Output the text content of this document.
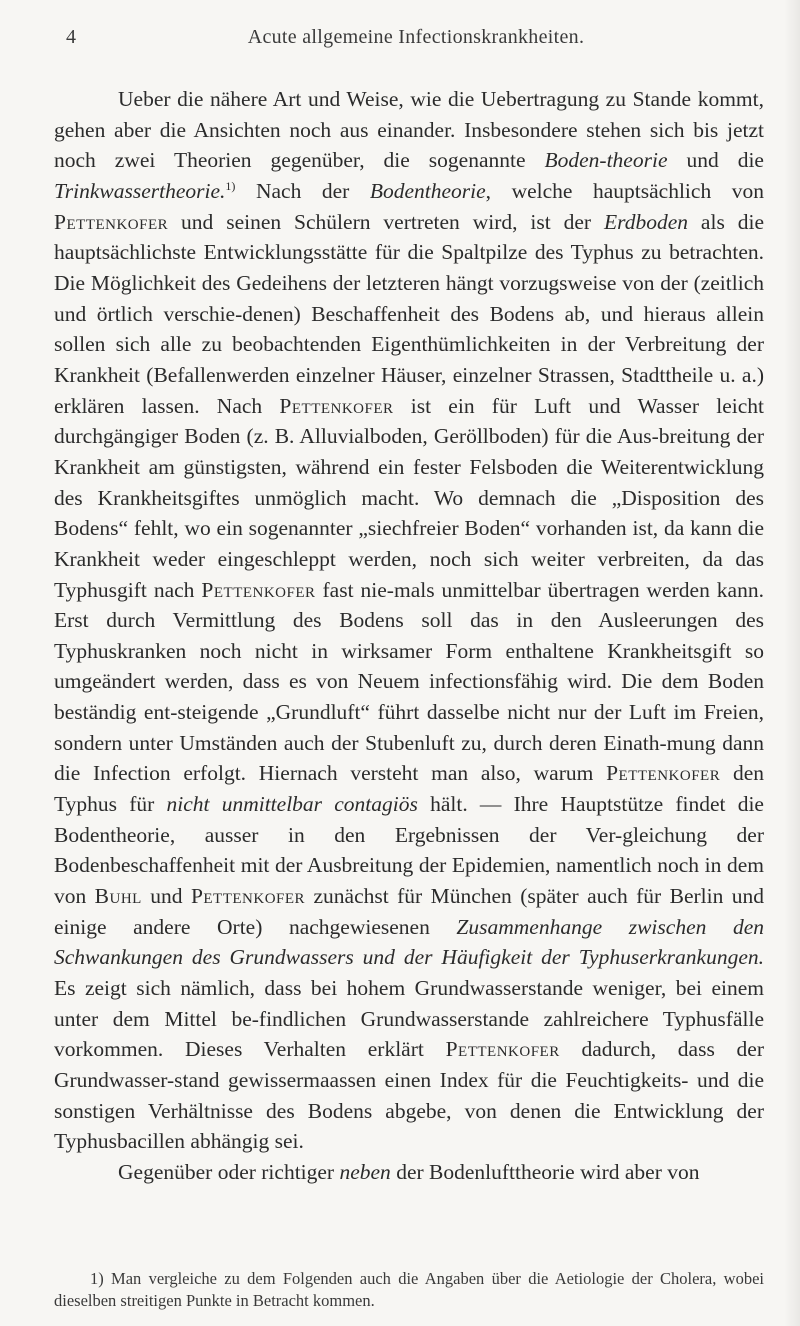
4	Acute allgemeine Infectionskrankheiten.

Ueber die nähere Art und Weise, wie die Uebertragung zu Stande kommt, gehen aber die Ansichten noch aus einander. Insbesondere stehen sich bis jetzt noch zwei Theorien gegenüber, die sogenannte Boden-theorie und die Trinkwassertheorie.$^{1)}$ Nach der Bodentheorie, welche hauptsächlich von Pettenkofer und seinen Schülern vertreten wird, ist der Erdboden als die hauptsächlichste Entwicklungsstätte für die Spaltpilze des Typhus zu betrachten. Die Möglichkeit des Gedeihens der letzteren hängt vorzugsweise von der (zeitlich und örtlich verschie-denen) Beschaffenheit des Bodens ab, und hieraus allein sollen sich alle zu beobachtenden Eigenthümlichkeiten in der Verbreitung der Krankheit (Befallenwerden einzelner Häuser, einzelner Strassen, Stadttheile u. a.) erklären lassen. Nach Pettenkofer ist ein für Luft und Wasser leicht durchgängiger Boden (z. B. Alluvialboden, Geröllboden) für die Aus-breitung der Krankheit am günstigsten, während ein fester Felsboden die Weiterentwicklung des Krankheitsgiftes unmöglich macht. Wo demnach die „Disposition des Bodens“ fehlt, wo ein sogenannter „siechfreier Boden“ vorhanden ist, da kann die Krankheit weder eingeschleppt werden, noch sich weiter verbreiten, da das Typhusgift nach Pettenkofer fast nie-mals unmittelbar übertragen werden kann. Erst durch Vermittlung des Bodens soll das in den Ausleerungen des Typhuskranken noch nicht in wirksamer Form enthaltene Krankheitsgift so umgeändert werden, dass es von Neuem infectionsfähig wird. Die dem Boden beständig ent-steigende „Grundluft“ führt dasselbe nicht nur der Luft im Freien, sondern unter Umständen auch der Stubenluft zu, durch deren Einath-mung dann die Infection erfolgt. Hiernach versteht man also, warum Pettenkofer den Typhus für nicht unmittelbar contagiös hält. — Ihre Hauptstütze findet die Bodentheorie, ausser in den Ergebnissen der Ver-gleichung der Bodenbeschaffenheit mit der Ausbreitung der Epidemien, namentlich noch in dem von Buhl und Pettenkofer zunächst für München (später auch für Berlin und einige andere Orte) nachgewiesenen Zusammenhange zwischen den Schwankungen des Grundwassers und der Häufigkeit der Typhuserkrankungen. Es zeigt sich nämlich, dass bei hohem Grundwasserstande weniger, bei einem unter dem Mittel be-findlichen Grundwasserstande zahlreichere Typhusfälle vorkommen. Dieses Verhalten erklärt Pettenkofer dadurch, dass der Grundwasser-stand gewissermaassen einen Index für die Feuchtigkeits- und die sonstigen Verhältnisse des Bodens abgebe, von denen die Entwicklung der Typhusbacillen abhängig sei.

Gegenüber oder richtiger neben der Bodenlufttheorie wird aber von

1) Man vergleiche zu dem Folgenden auch die Angaben über die Aetiologie der Cholera, wobei dieselben streitigen Punkte in Betracht kommen.
